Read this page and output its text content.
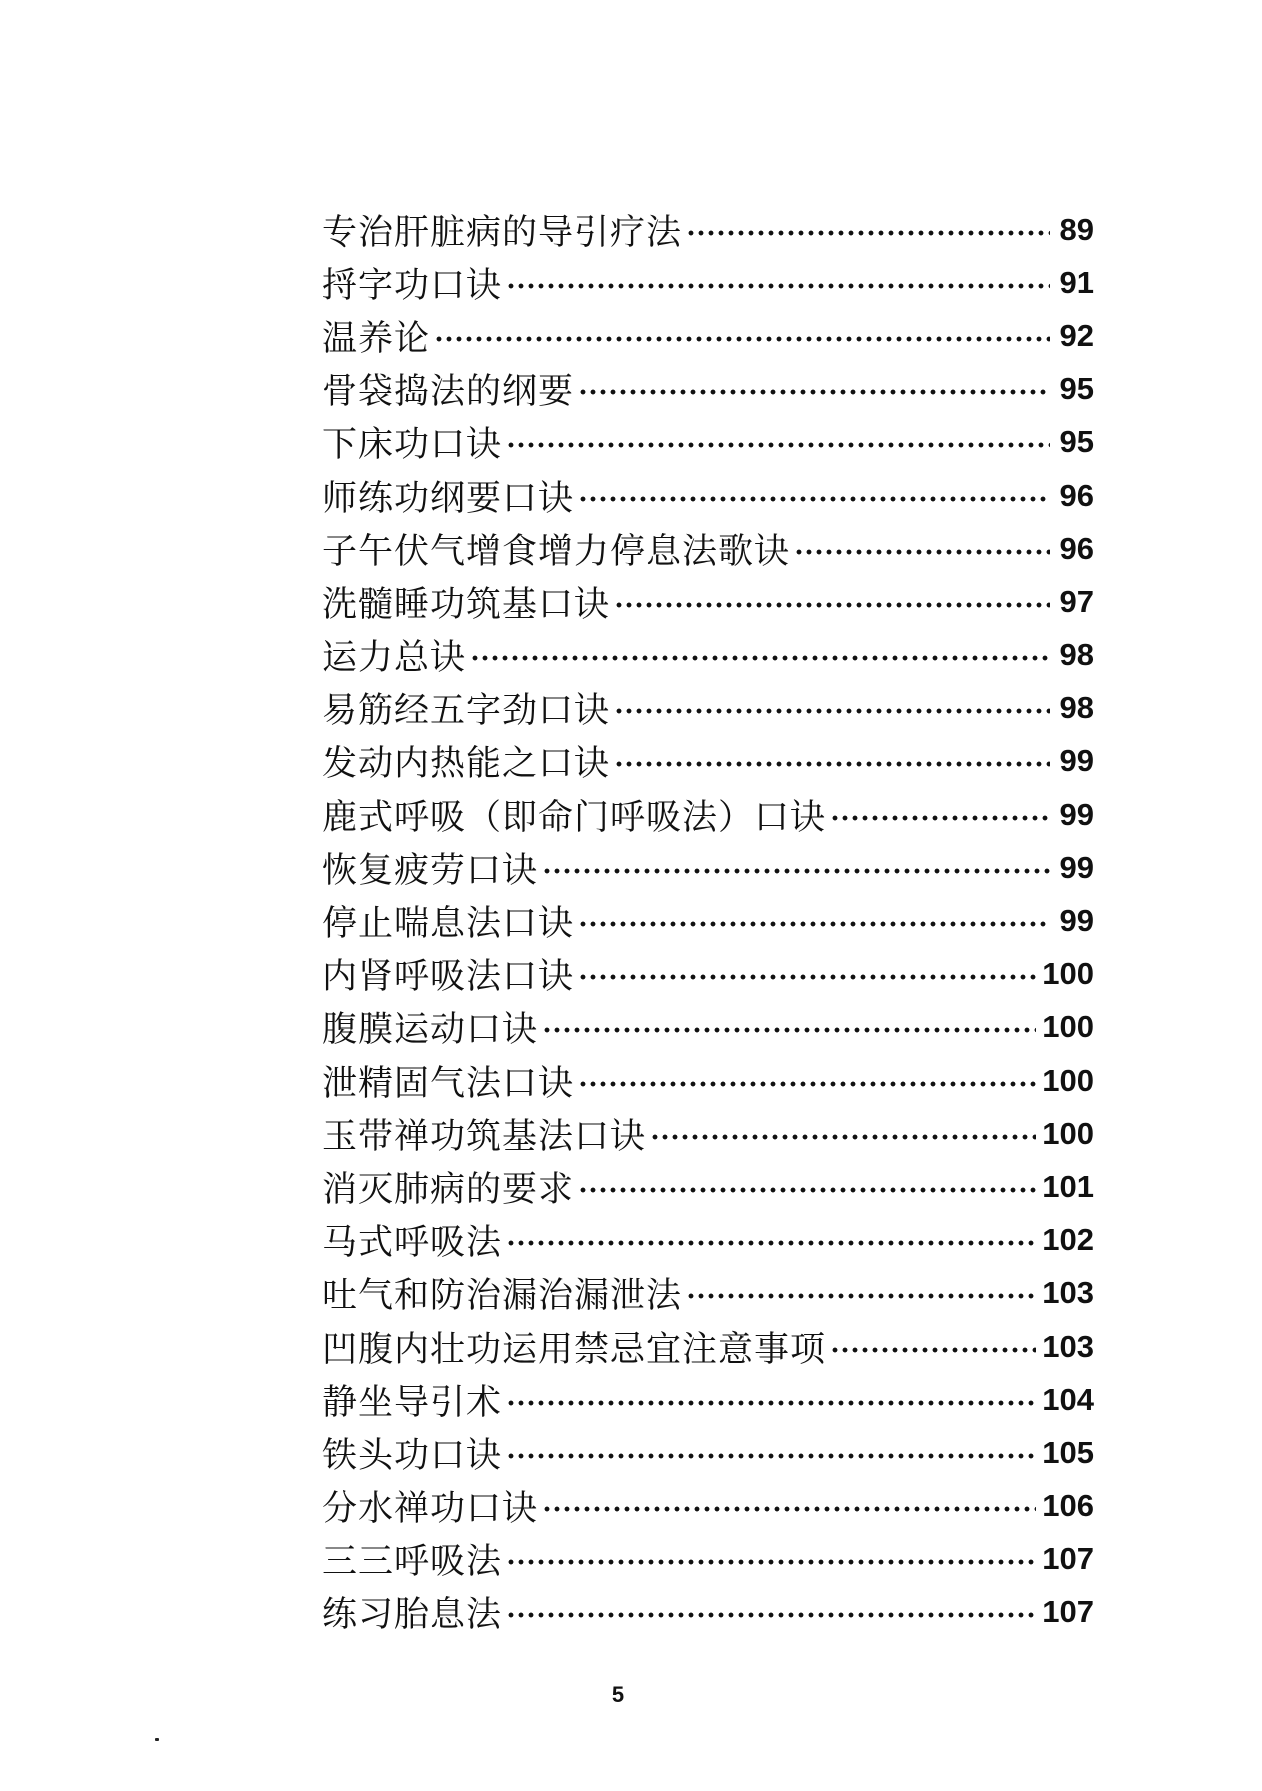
专治肝脏病的导引疗法	89
捋字功口诀	91
温养论	92
骨袋捣法的纲要	95
下床功口诀	95
师练功纲要口诀	96
子午伏气增食增力停息法歌诀	96
洗髓睡功筑基口诀	97
运力总诀	98
易筋经五字劲口诀	98
发动内热能之口诀	99
鹿式呼吸（即命门呼吸法）口诀	99
恢复疲劳口诀	99
停止喘息法口诀	99
内肾呼吸法口诀	100
腹膜运动口诀	100
泄精固气法口诀	100
玉带禅功筑基法口诀	100
消灭肺病的要求	101
马式呼吸法	102
吐气和防治漏治漏泄法	103
凹腹内壮功运用禁忌宜注意事项	103
静坐导引术	104
铁头功口诀	105
分水禅功口诀	106
三三呼吸法	107
练习胎息法	107
5
